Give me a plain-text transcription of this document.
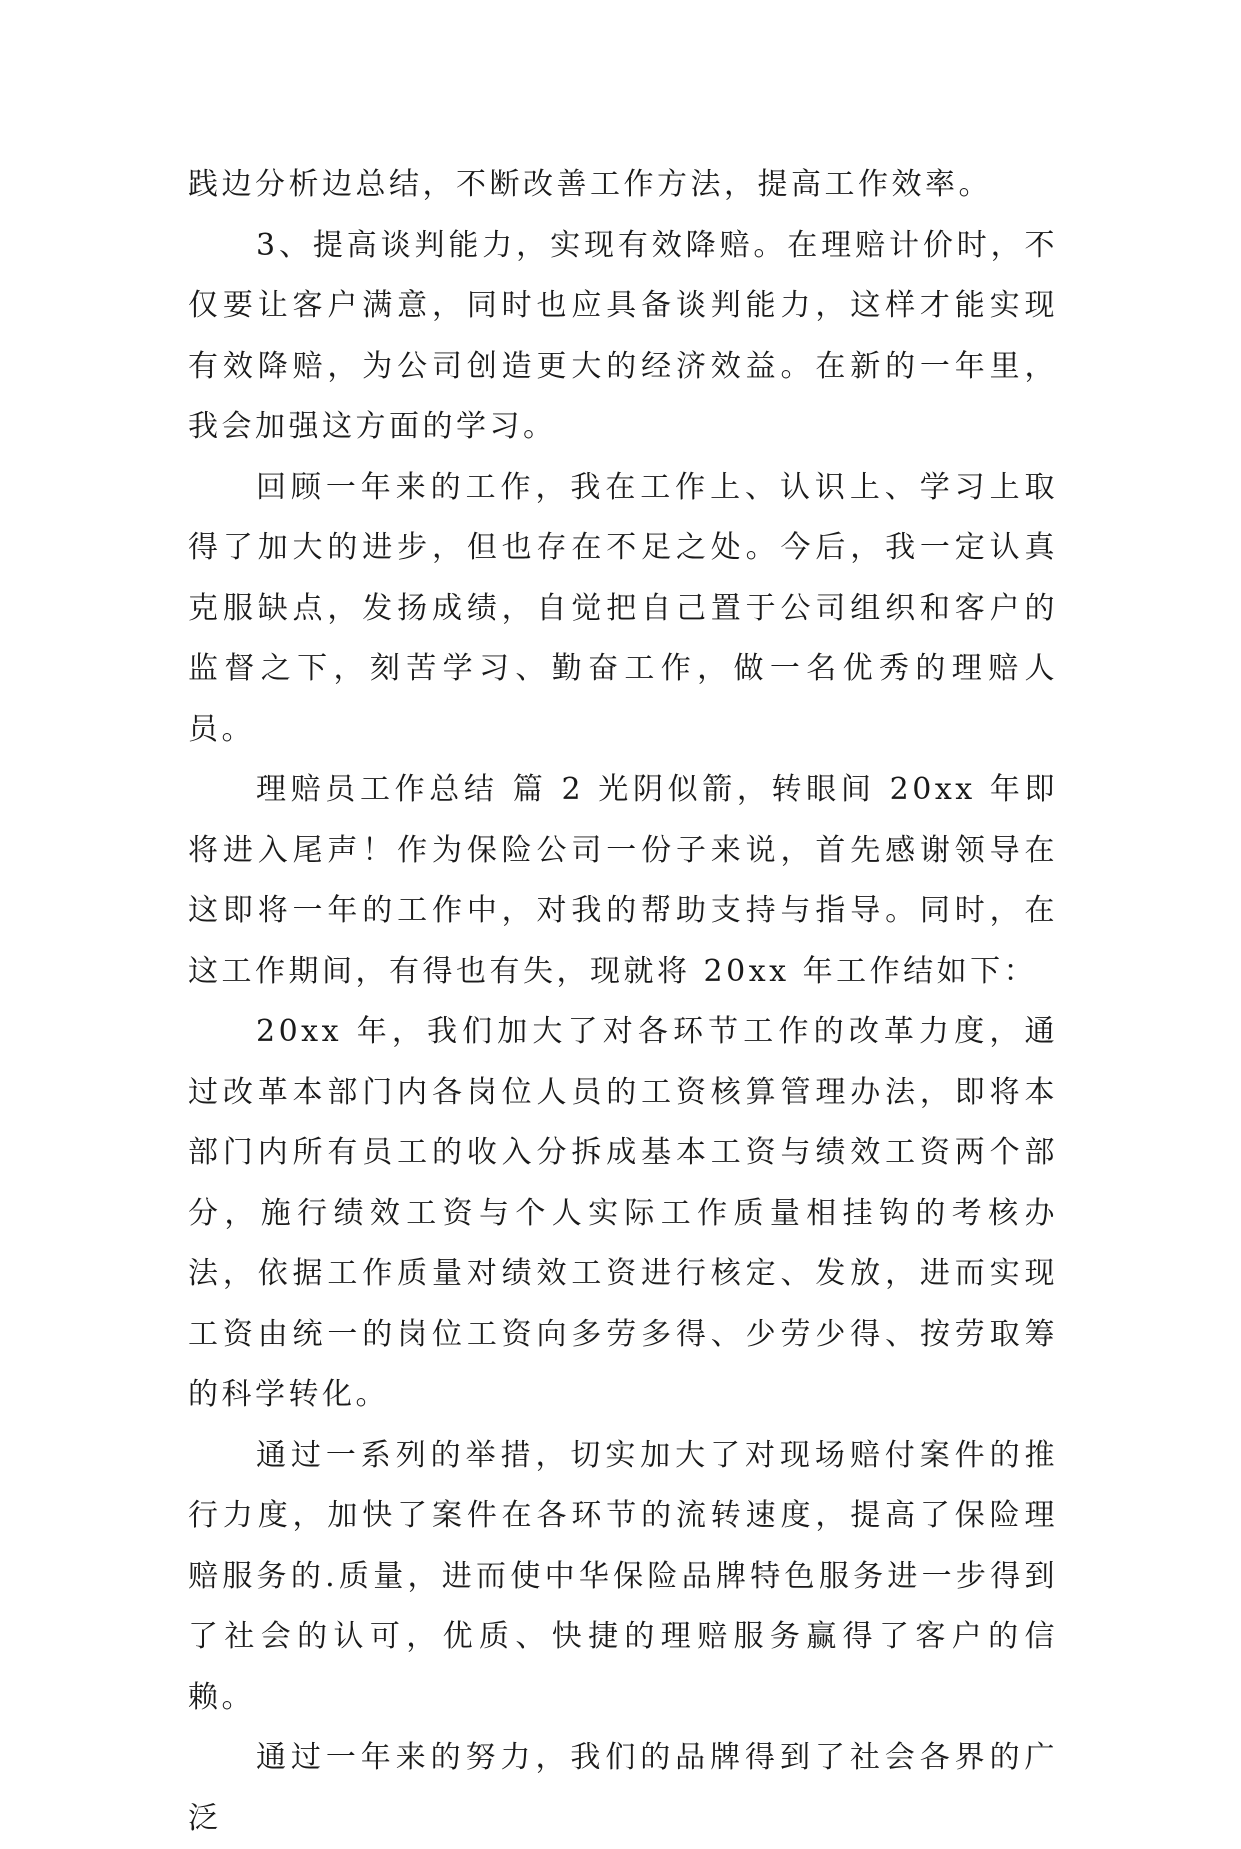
践边分析边总结，不断改善工作方法，提高工作效率。

3、提高谈判能力，实现有效降赔。在理赔计价时，不仅要让客户满意，同时也应具备谈判能力，这样才能实现有效降赔，为公司创造更大的经济效益。在新的一年里，我会加强这方面的学习。

回顾一年来的工作，我在工作上、认识上、学习上取得了加大的进步，但也存在不足之处。今后，我一定认真克服缺点，发扬成绩，自觉把自己置于公司组织和客户的监督之下，刻苦学习、勤奋工作，做一名优秀的理赔人员。

理赔员工作总结 篇 2 光阴似箭，转眼间 20xx 年即将进入尾声！作为保险公司一份子来说，首先感谢领导在这即将一年的工作中，对我的帮助支持与指导。同时，在这工作期间，有得也有失，现就将 20xx 年工作结如下：

20xx 年，我们加大了对各环节工作的改革力度，通过改革本部门内各岗位人员的工资核算管理办法，即将本部门内所有员工的收入分拆成基本工资与绩效工资两个部分，施行绩效工资与个人实际工作质量相挂钩的考核办法，依据工作质量对绩效工资进行核定、发放，进而实现工资由统一的岗位工资向多劳多得、少劳少得、按劳取筹的科学转化。

通过一系列的举措，切实加大了对现场赔付案件的推行力度，加快了案件在各环节的流转速度，提高了保险理赔服务的.质量，进而使中华保险品牌特色服务进一步得到了社会的认可，优质、快捷的理赔服务赢得了客户的信赖。

通过一年来的努力，我们的品牌得到了社会各界的广泛
